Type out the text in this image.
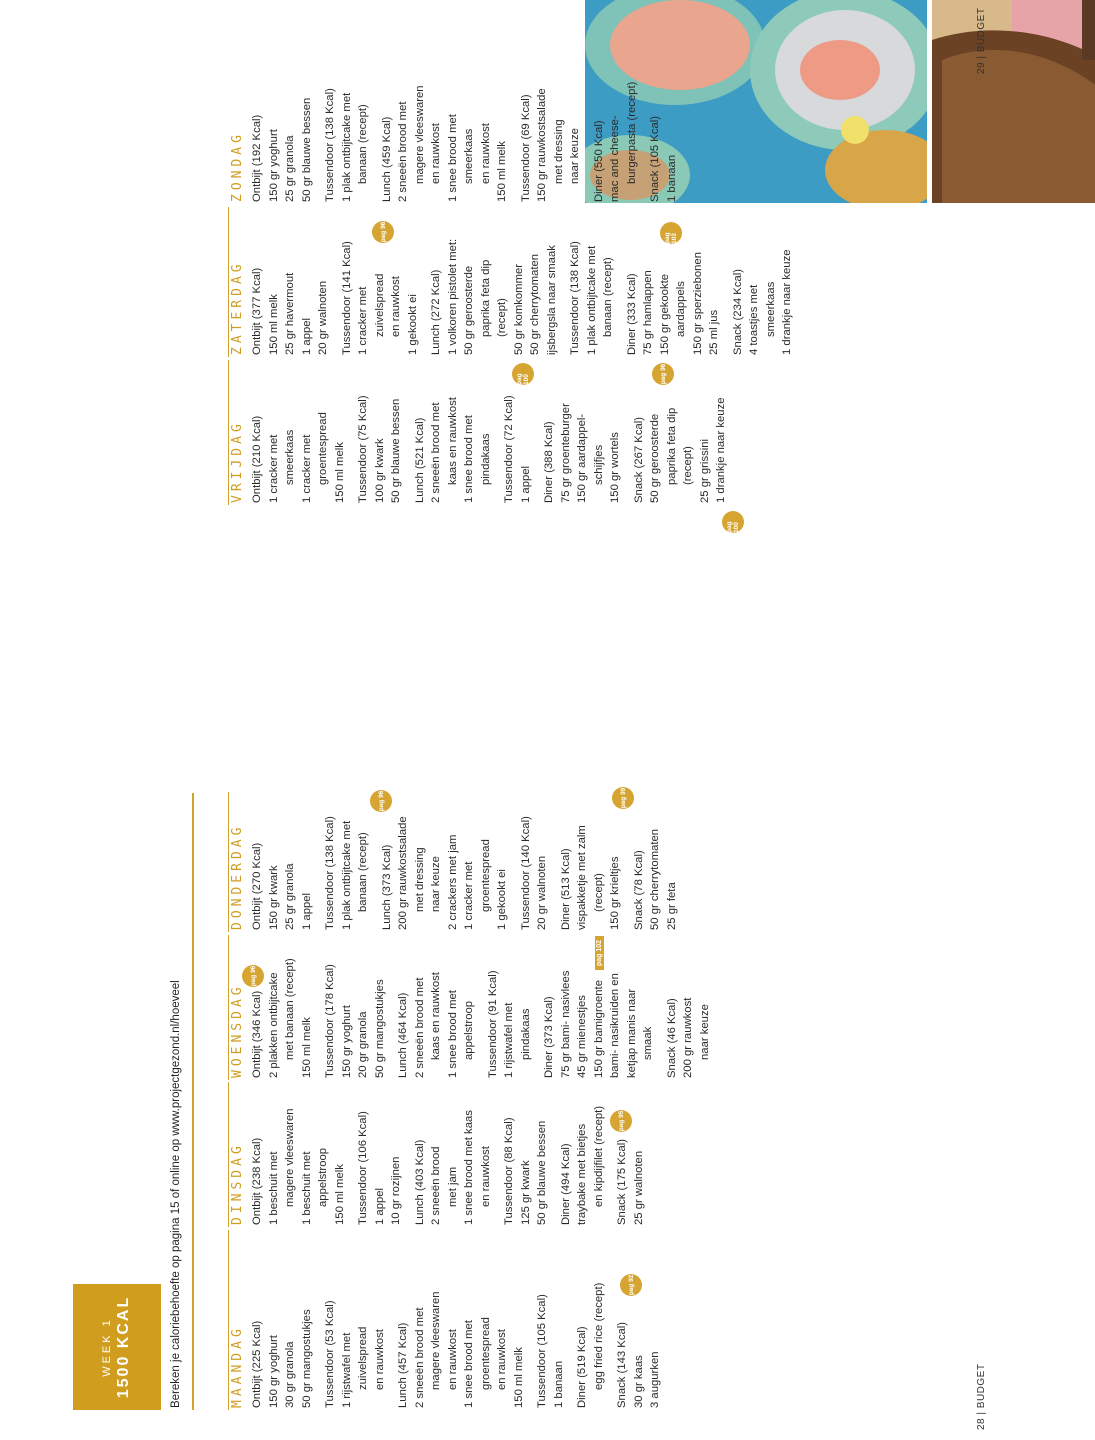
28 | BUDGET
29 | BUDGET
WEEK 1 1500 KCAL	Bereken je caloriebehoefte op pagina 15 of online op www.projectgezond.nl/hoeveel	MAANDAG Ontbijt (225 Kcal) 150 gr yoghurt 30 gr granola 50 gr mangostukjes Tussendoor (53 Kcal) 1 rijstwafel met zuivelspread en rauwkost Lunch (457 Kcal) 2 sneeën brood met magere vleeswaren en rauwkost 1 snee brood met groentespread en rauwkost 150 ml melk Tussendoor (105 Kcal) 1 banaan Diner (519 Kcal) egg fried rice (recept) Snack (143 Kcal) 30 gr kaas 3 augurken
DINSDAG Ontbijt (238 Kcal) 1 beschuit met magere vleeswaren 1 beschuit met appelstroop 150 ml melk Tussendoor (106 Kcal) 1 appel 10 gr rozijnen Lunch (403 Kcal) 2 sneeën brood met jam 1 snee brood met kaas en rauwkost Tussendoor (88 Kcal) 125 gr kwark 50 gr blauwe bessen Diner (494 Kcal) traybake met bietjes en kipdijfilet (recept) Snack (175 Kcal) 25 gr walnoten
WOENSDAG Ontbijt (346 Kcal) 2 plakken ontbijtcake met banaan (recept) 150 ml melk Tussendoor (178 Kcal) 150 gr yoghurt 20 gr granola 50 gr mangostukjes Lunch (464 Kcal) 2 sneeën brood met kaas en rauwkost 1 snee brood met appelstroop Tussendoor (91 Kcal) 1 rijstwafel met pindakaas Diner (373 Kcal) 75 gr bami- nasivlees 45 gr mienestjes 150 gr bamigroente bami- nasikruiden en ketjap manis naar smaak Snack (46 Kcal) 200 gr rauwkost naar keuze
DONDERDAG Ontbijt (270 Kcal) 150 gr kwark 25 gr granola 1 appel Tussendoor (138 Kcal) 1 plak ontbijtcake met banaan (recept) Lunch (373 Kcal) 200 gr rauwkostsalade met dressing naar keuze 2 crackers met jam 1 cracker met groentespread 1 gekookt ei Tussendoor (140 Kcal) 20 gr walnoten Diner (513 Kcal) vispakketje met zalm (recept) 150 gr krieltjes Snack (78 Kcal) 50 gr cherrytomaten 25 gr feta
VRIJDAG Ontbijt (210 Kcal) 1 cracker met smeerkaas 1 cracker met groentespread 150 ml melk Tussendoor (75 Kcal) 100 gr kwark 50 gr blauwe bessen Lunch (521 Kcal) 2 sneeën brood met kaas en rauwkost 1 snee brood met pindakaas Tussendoor (72 Kcal) 1 appel Diner (388 Kcal) 75 gr groenteburger 150 gr aardappel- schijfjes 150 gr wortels Snack (267 Kcal) 50 gr geroosterde paprika feta dip (recept) 25 gr grissini 1 drankje naar keuze
ZATERDAG Ontbijt (377 Kcal) 150 ml melk 25 gr havermout 1 appel 20 gr walnoten Tussendoor (141 Kcal) 1 cracker met zuivelspread en rauwkost 1 gekookt ei Lunch (272 Kcal) 1 volkoren pistolet met: 50 gr geroosterde paprika feta dip (recept) 50 gr komkommer 50 gr cherrytomaten ijsbergsla naar smaak Tussendoor (138 Kcal) 1 plak ontbijtcake met banaan (recept) Diner (333 Kcal) 75 gr hamlappen 150 gr gekookte aardappels 150 gr sperziebonen 25 ml jus Snack (234 Kcal) 4 toastjes met smeerkaas 1 drankje naar keuze
ZONDAG Ontbijt (192 Kcal) 150 gr yoghurt 25 gr granola 50 gr blauwe bessen Tussendoor (138 Kcal) 1 plak ontbijtcake met banaan (recept) Lunch (459 Kcal) 2 sneeën brood met magere vleeswaren en rauwkost 1 snee brood met smeerkaas en rauwkost 150 ml melk Tussendoor (69 Kcal) 150 gr rauwkostsalade met dressing naar keuze Diner (550 Kcal) mac and cheese- burgerpasta (recept) Snack (105 Kcal) 1 banaan
pag 92
pag 95
pag 96
pag 102
pag 96	pag 99
pag 100
pag 100	pag 96
pag 96	pag 103
